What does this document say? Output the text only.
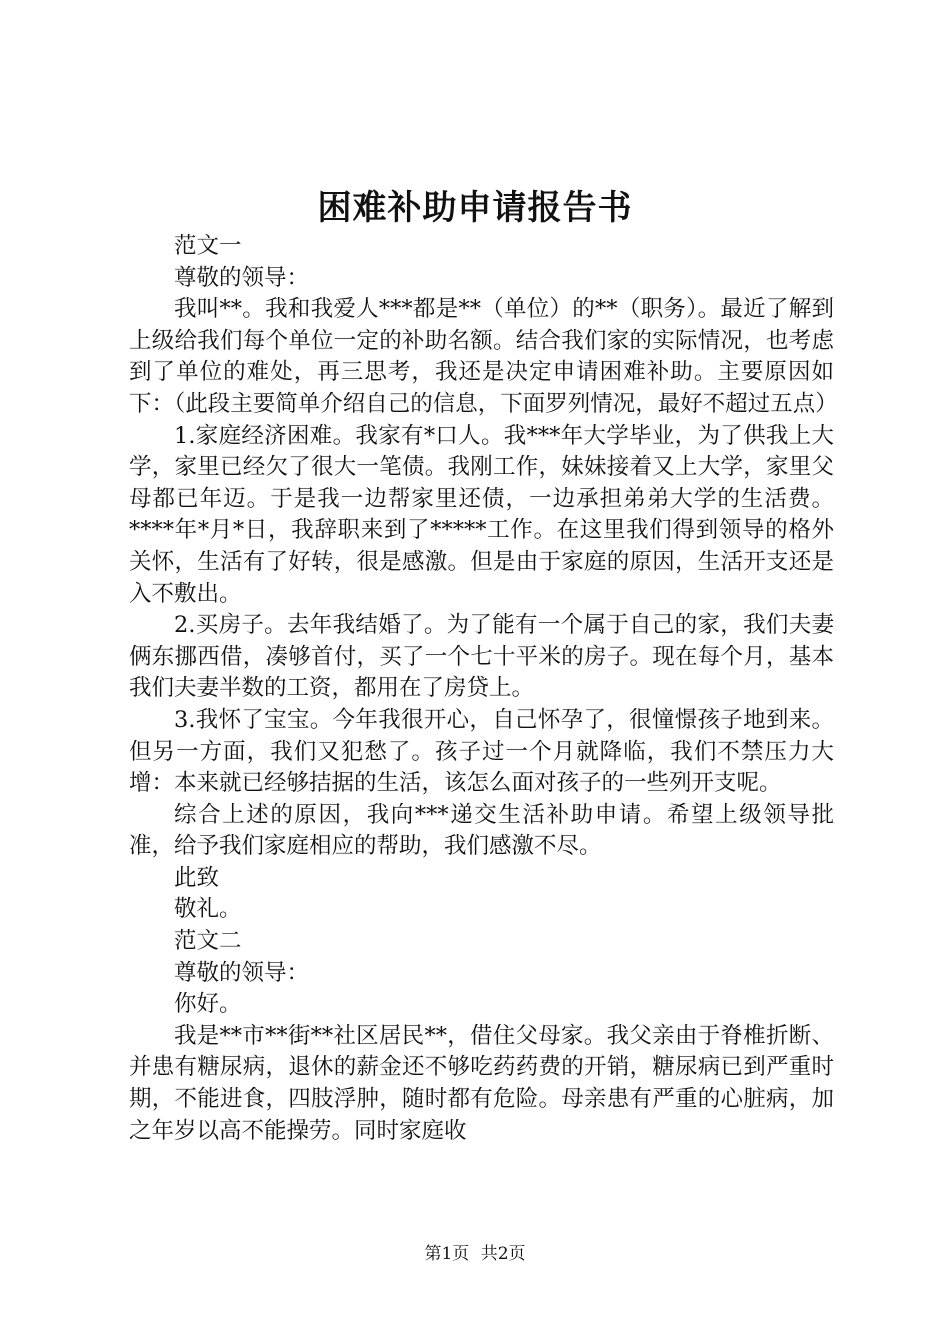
困难补助申请报告书

范文一

尊敬的领导：

我叫**。我和我爱人***都是**（单位）的**（职务）。最近了解到上级给我们每个单位一定的补助名额。结合我们家的实际情况，也考虑到了单位的难处，再三思考，我还是决定申请困难补助。主要原因如下：（此段主要简单介绍自己的信息，下面罗列情况，最好不超过五点）

1.家庭经济困难。我家有*口人。我***年大学毕业，为了供我上大学，家里已经欠了很大一笔债。我刚工作，妹妹接着又上大学，家里父母都已年迈。于是我一边帮家里还债，一边承担弟弟大学的生活费。****年*月*日，我辞职来到了*****工作。在这里我们得到领导的格外关怀，生活有了好转，很是感激。但是由于家庭的原因，生活开支还是入不敷出。

2.买房子。去年我结婚了。为了能有一个属于自己的家，我们夫妻俩东挪西借，凑够首付，买了一个七十平米的房子。现在每个月，基本我们夫妻半数的工资，都用在了房贷上。

3.我怀了宝宝。今年我很开心，自己怀孕了，很憧憬孩子地到来。但另一方面，我们又犯愁了。孩子过一个月就降临，我们不禁压力大增：本来就已经够拮据的生活，该怎么面对孩子的一些列开支呢。

综合上述的原因，我向***递交生活补助申请。希望上级领导批准，给予我们家庭相应的帮助，我们感激不尽。

此致

敬礼。

范文二

尊敬的领导：

你好。

我是**市**街**社区居民**，借住父母家。我父亲由于脊椎折断、并患有糖尿病，退休的薪金还不够吃药药费的开销，糖尿病已到严重时期，不能进食，四肢浮肿，随时都有危险。母亲患有严重的心脏病，加之年岁以高不能操劳。同时家庭收

第1页 共2页
